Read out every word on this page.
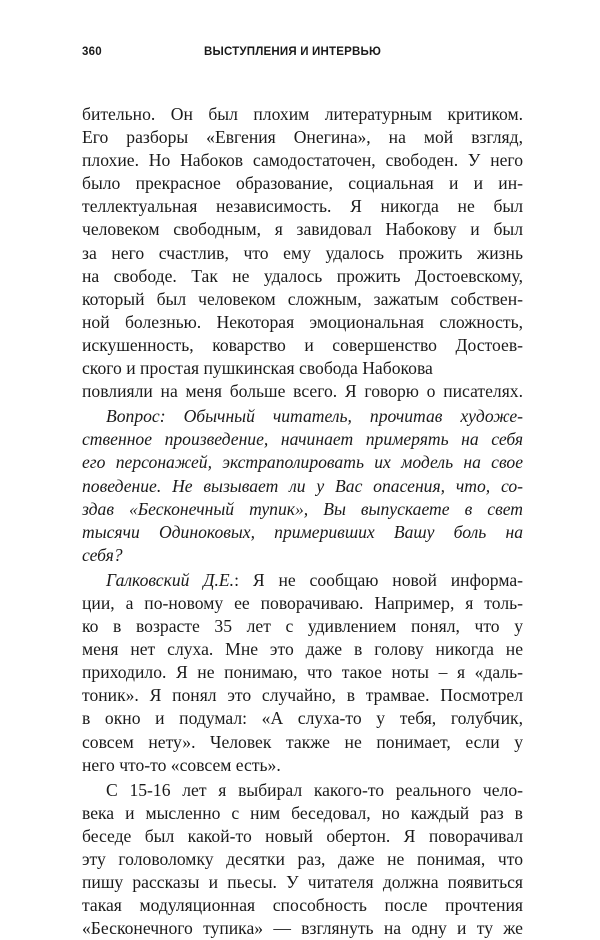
360	ВЫСТУПЛЕНИЯ И ИНТЕРВЬЮ
бительно. Он был плохим литературным критиком.
Его разборы «Евгения Онегина», на мой взгляд,
плохие. Но Набоков самодостаточен, свободен. У него
было прекрасное образование, социальная и и ин-
теллектуальная независимость. Я никогда не был
человеком свободным, я завидовал Набокову и был
за него счастлив, что ему удалось прожить жизнь
на свободе. Так не удалось прожить Достоевскому,
который был человеком сложным, зажатым собствен-
ной болезнью. Некоторая эмоциональная сложность,
искушенность, коварство и совершенство Достоев-
ского и простая пушкинская свобода Набокова
повлияли на меня больше всего. Я говорю о писателях.
Вопрос: Обычный читатель, прочитав художе-
ственное произведение, начинает примерять на себя
его персонажей, экстраполировать их модель на свое
поведение. Не вызывает ли у Вас опасения, что, со-
здав «Бесконечный тупик», Вы выпускаете в свет
тысячи Одиноковых, примеривших Вашу боль на
себя?
Галковский Д.Е.: Я не сообщаю новой информа-
ции, а по-новому ее поворачиваю. Например, я толь-
ко в возрасте 35 лет с удивлением понял, что у
меня нет слуха. Мне это даже в голову никогда не
приходило. Я не понимаю, что такое ноты – я «даль-
тоник». Я понял это случайно, в трамвае. Посмотрел
в окно и подумал: «А слуха-то у тебя, голубчик,
совсем нету». Человек также не понимает, если у
него что-то «совсем есть».
С 15-16 лет я выбирал какого-то реального чело-
века и мысленно с ним беседовал, но каждый раз в
беседе был какой-то новый обертон. Я поворачивал
эту головоломку десятки раз, даже не понимая, что
пишу рассказы и пьесы. У читателя должна появиться
такая модуляционная способность после прочтения
«Бесконечного тупика» — взглянуть на одну и ту же
